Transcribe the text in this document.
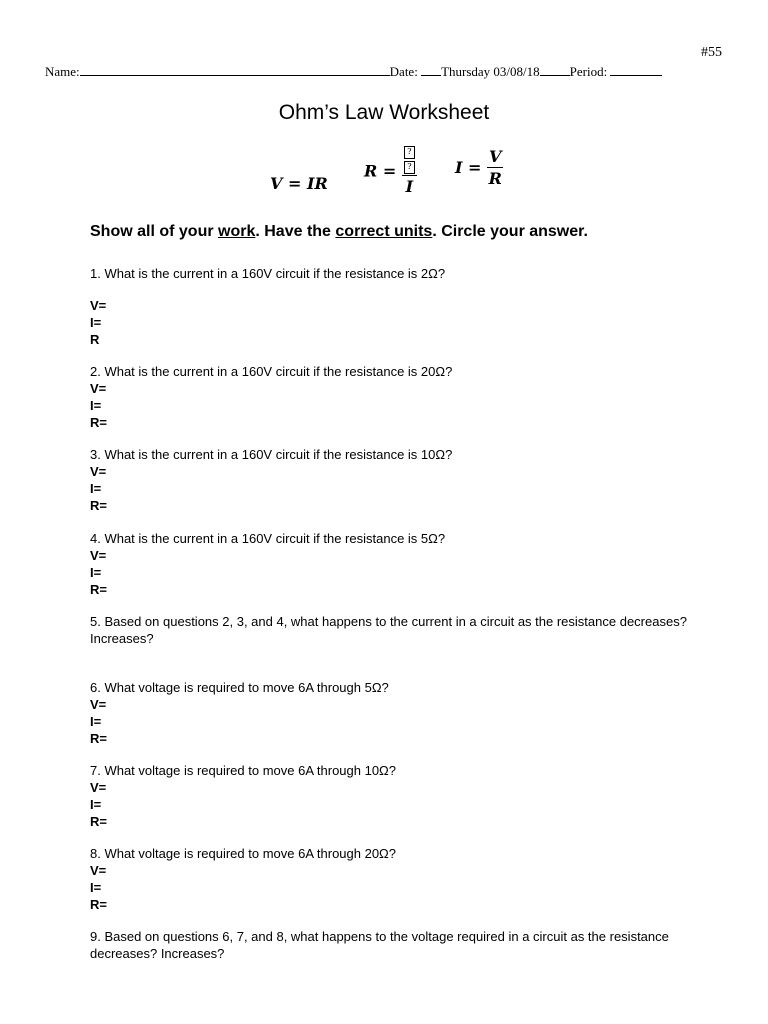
#55
Name:	Date: Thursday 03/08/18 Period:
Ohm’s Law Worksheet
V = IR
R = ?
?
I $I = \frac{V}{R}$
Show all of your work. Have the correct units. Circle your answer.
1. What is the current in a 160V circuit if the resistance is 2Ω?
V=
I=
R
2. What is the current in a 160V circuit if the resistance is 20Ω?
V=
I=
R=
3. What is the current in a 160V circuit if the resistance is 10Ω?
V=
I=
R=
4. What is the current in a 160V circuit if the resistance is 5Ω?
V=
I=
R=
5. Based on questions 2, 3, and 4, what happens to the current in a circuit as the resistance decreases? Increases?
6. What voltage is required to move 6A through 5Ω?
V=
I=
R=
7. What voltage is required to move 6A through 10Ω?
V=
I=
R=
8. What voltage is required to move 6A through 20Ω?
V=
I=
R=
9. Based on questions 6, 7, and 8, what happens to the voltage required in a circuit as the resistance decreases? Increases?
